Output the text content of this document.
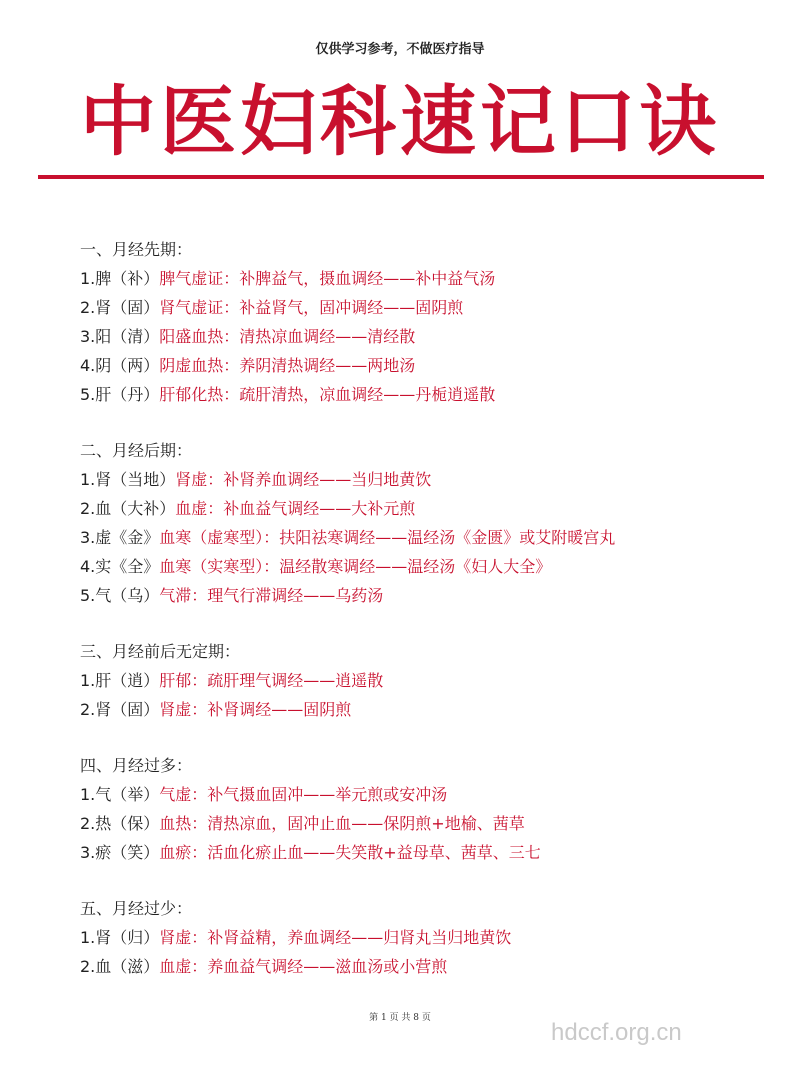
仅供学习参考，不做医疗指导
中医妇科速记口诀
一、月经先期：
1.脾（补）脾气虚证：补脾益气，摄血调经——补中益气汤
2.肾（固）肾气虚证：补益肾气，固冲调经——固阴煎
3.阳（清）阳盛血热：清热凉血调经——清经散
4.阴（两）阴虚血热：养阴清热调经——两地汤
5.肝（丹）肝郁化热：疏肝清热，凉血调经——丹栀逍遥散
二、月经后期：
1.肾（当地）肾虚：补肾养血调经——当归地黄饮
2.血（大补）血虚：补血益气调经——大补元煎
3.虚《金》血寒（虚寒型）：扶阳祛寒调经——温经汤《金匮》或艾附暖宫丸
4.实《全》血寒（实寒型）：温经散寒调经——温经汤《妇人大全》
5.气（乌）气滞：理气行滞调经——乌药汤
三、月经前后无定期：
1.肝（逍）肝郁：疏肝理气调经——逍遥散
2.肾（固）肾虚：补肾调经——固阴煎
四、月经过多：
1.气（举）气虚：补气摄血固冲——举元煎或安冲汤
2.热（保）血热：清热凉血，固冲止血——保阴煎+地榆、茜草
3.瘀（笑）血瘀：活血化瘀止血——失笑散+益母草、茜草、三七
五、月经过少：
1.肾（归）肾虚：补肾益精，养血调经——归肾丸当归地黄饮
2.血（滋）血虚：养血益气调经——滋血汤或小营煎
第 1 页 共 8 页
hdccf.org.cn
